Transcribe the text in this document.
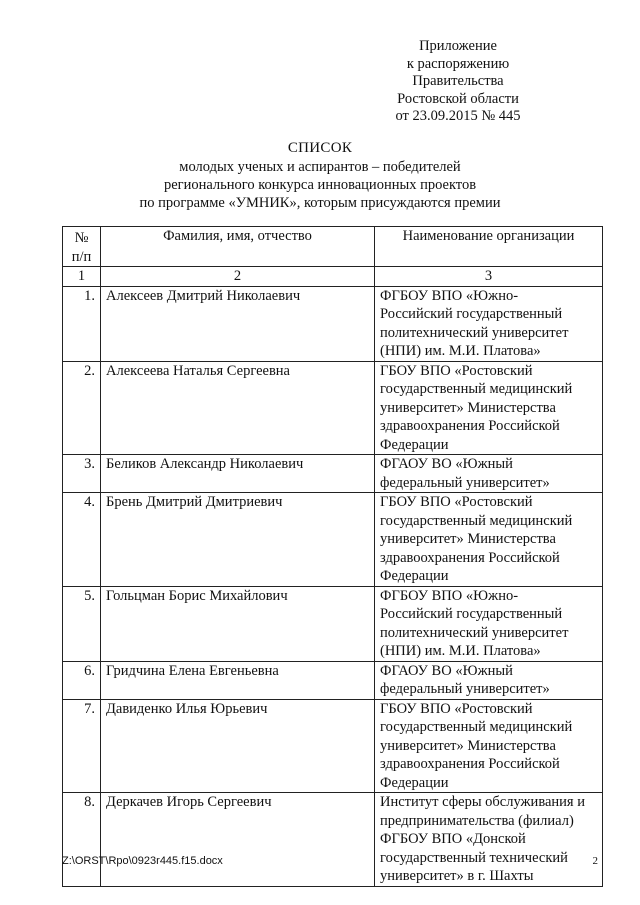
Приложение
к распоряжению
Правительства
Ростовской области
от 23.09.2015 № 445
СПИСОК
молодых ученых и аспирантов – победителей
регионального конкурса инновационных проектов
по программе «УМНИК», которым присуждаются премии
№
п/п	Фамилия, имя, отчество	Наименование организации
1	2	3
1.	Алексеев Дмитрий Николаевич	ФГБОУ ВПО «Южно-
Российский государственный
политехнический университет
(НПИ) им. М.И. Платова»

2.	Алексеева Наталья Сергеевна	ГБОУ ВПО «Ростовский
государственный медицинский
университет» Министерства
здравоохранения Российской
Федерации

3.	Беликов Александр Николаевич	ФГАОУ ВО «Южный
федеральный университет»

4.	Брень Дмитрий Дмитриевич	ГБОУ ВПО «Ростовский
государственный медицинский
университет» Министерства
здравоохранения Российской
Федерации

5.	Гольцман Борис Михайлович	ФГБОУ ВПО «Южно-
Российский государственный
политехнический университет
(НПИ) им. М.И. Платова»

6.	Гридчина Елена Евгеньевна	ФГАОУ ВО «Южный
федеральный университет»

7.	Давиденко Илья Юрьевич	ГБОУ ВПО «Ростовский
государственный медицинский
университет» Министерства
здравоохранения Российской
Федерации

8.	Деркачев Игорь Сергеевич	Институт сферы обслуживания и
предпринимательства (филиал)
ФГБОУ ВПО «Донской
государственный технический
университет» в г. Шахты
Z:\ORST\Rpo\0923r445.f15.docx	2
